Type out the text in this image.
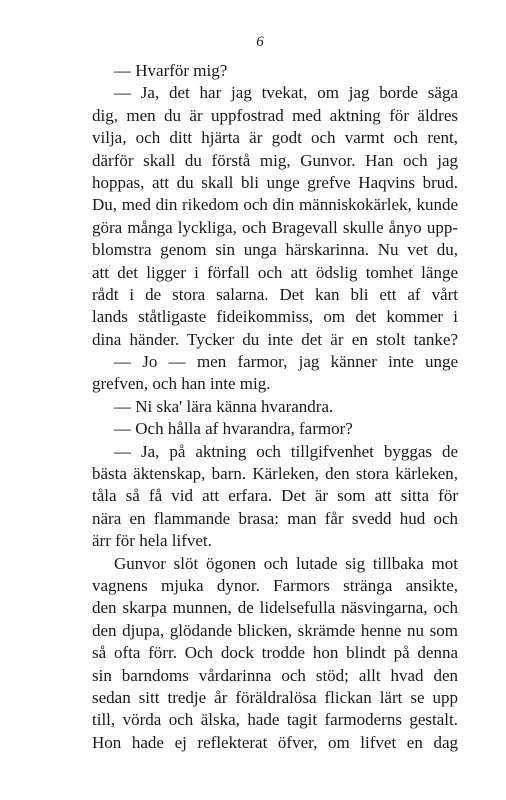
6
— Hvarför mig?
— Ja, det har jag tvekat, om jag borde säga
dig, men du är uppfostrad med aktning för äldres
vilja, och ditt hjärta är godt och varmt och rent,
därför skall du förstå mig, Gunvor. Han och jag
hoppas, att du skall bli unge grefve Haqvins brud.
Du, med din rikedom och din människokärlek, kunde
göra många lyckliga, och Bragevall skulle ånyo upp-
blomstra genom sin unga härskarinna. Nu vet du,
att det ligger i förfall och att ödslig tomhet länge
rådt i de stora salarna. Det kan bli ett af vårt
lands ståtligaste fideikommiss, om det kommer i
dina händer. Tycker du inte det är en stolt tanke?
— Jo — men farmor, jag känner inte unge
grefven, och han inte mig.
— Ni ska' lära känna hvarandra.
— Och hålla af hvarandra, farmor?
— Ja, på aktning och tillgifvenhet byggas de
bästa äktenskap, barn. Kärleken, den stora kärleken,
tåla så få vid att erfara. Det är som att sitta för
nära en flammande brasa: man får svedd hud och
ärr för hela lifvet.
Gunvor slöt ögonen och lutade sig tillbaka mot
vagnens mjuka dynor. Farmors stränga ansikte,
den skarpa munnen, de lidelsefulla näsvingarna, och
den djupa, glödande blicken, skrämde henne nu som
så ofta förr. Och dock trodde hon blindt på denna
sin barndoms vårdarinna och stöd; allt hvad den
sedan sitt tredje år föräldralösa flickan lärt se upp
till, vörda och älska, hade tagit farmoderns gestalt.
Hon hade ej reflekterat öfver, om lifvet en dag
